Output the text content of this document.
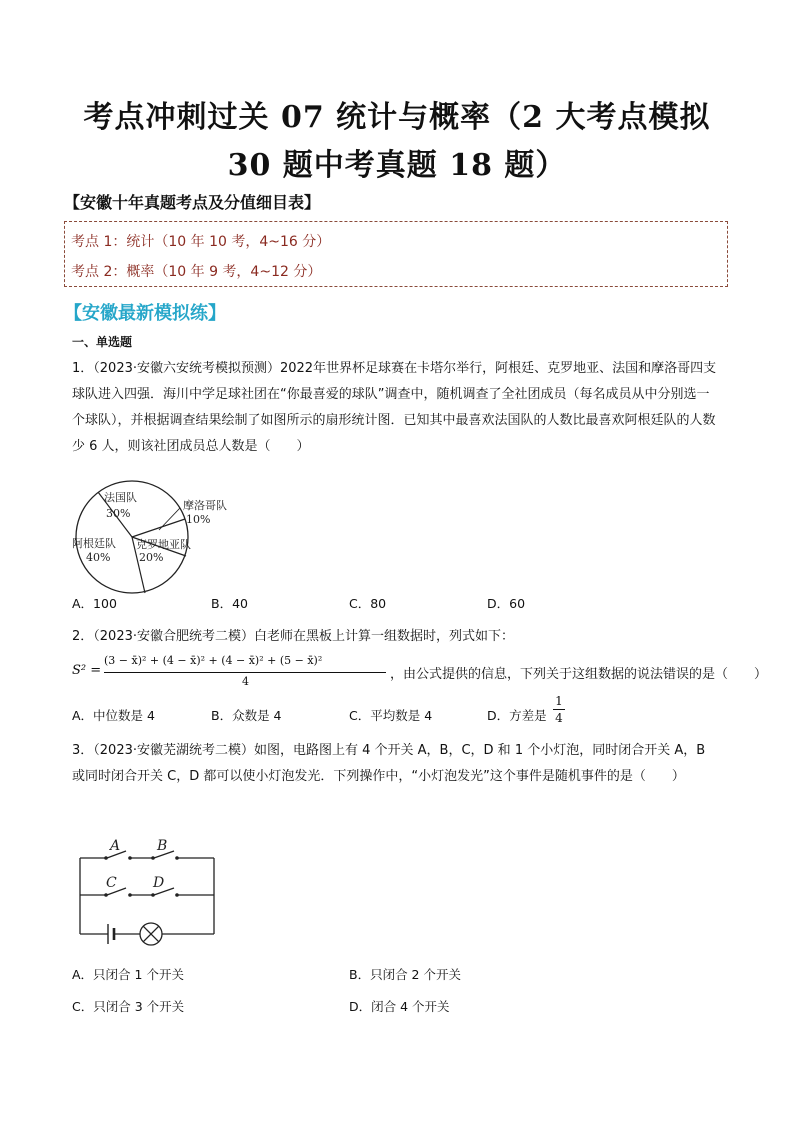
考点冲刺过关 07 统计与概率（2 大考点模拟
30 题中考真题 18 题）
【安徽十年真题考点及分值细目表】
考点 1：统计（10 年 10 考，4~16 分）
考点 2：概率（10 年 9 考，4~12 分）
【安徽最新模拟练】
一、单选题
1．（2023·安徽六安统考模拟预测）2022年世界杯足球赛在卡塔尔举行，阿根廷、克罗地亚、法国和摩洛哥四支球队进入四强．海川中学足球社团在“你最喜爱的球队”调查中，随机调查了全社团成员（每名成员从中分别选一个球队），并根据调查结果绘制了如图所示的扇形统计图．已知其中最喜欢法国队的人数比最喜欢阿根廷队的人数少 6 人，则该社团成员总人数是（　　）
法国队
30%
摩洛哥队
10%
阿根廷队
40%
克罗地亚队
20%
A．100	B．40	C．80	D．60
2．（2023·安徽合肥统考二模）白老师在黑板上计算一组数据时，列式如下：
S² =
(3 − x̄)² + (4 − x̄)² + (4 − x̄)² + (5 − x̄)²
4	，由公式提供的信息，下列关于这组数据的说法错误的是（　　）
A．中位数是 4	B．众数是 4	C．平均数是 4	D．方差是
1
4
3．（2023·安徽芜湖统考二模）如图，电路图上有 4 个开关 A，B，C，D 和 1 个小灯泡，同时闭合开关 A，B 或同时闭合开关 C，D 都可以使小灯泡发光．下列操作中，“小灯泡发光”这个事件是随机事件的是（　　）
A	B
C	D
A．只闭合 1 个开关	B．只闭合 2 个开关
C．只闭合 3 个开关	D．闭合 4 个开关
